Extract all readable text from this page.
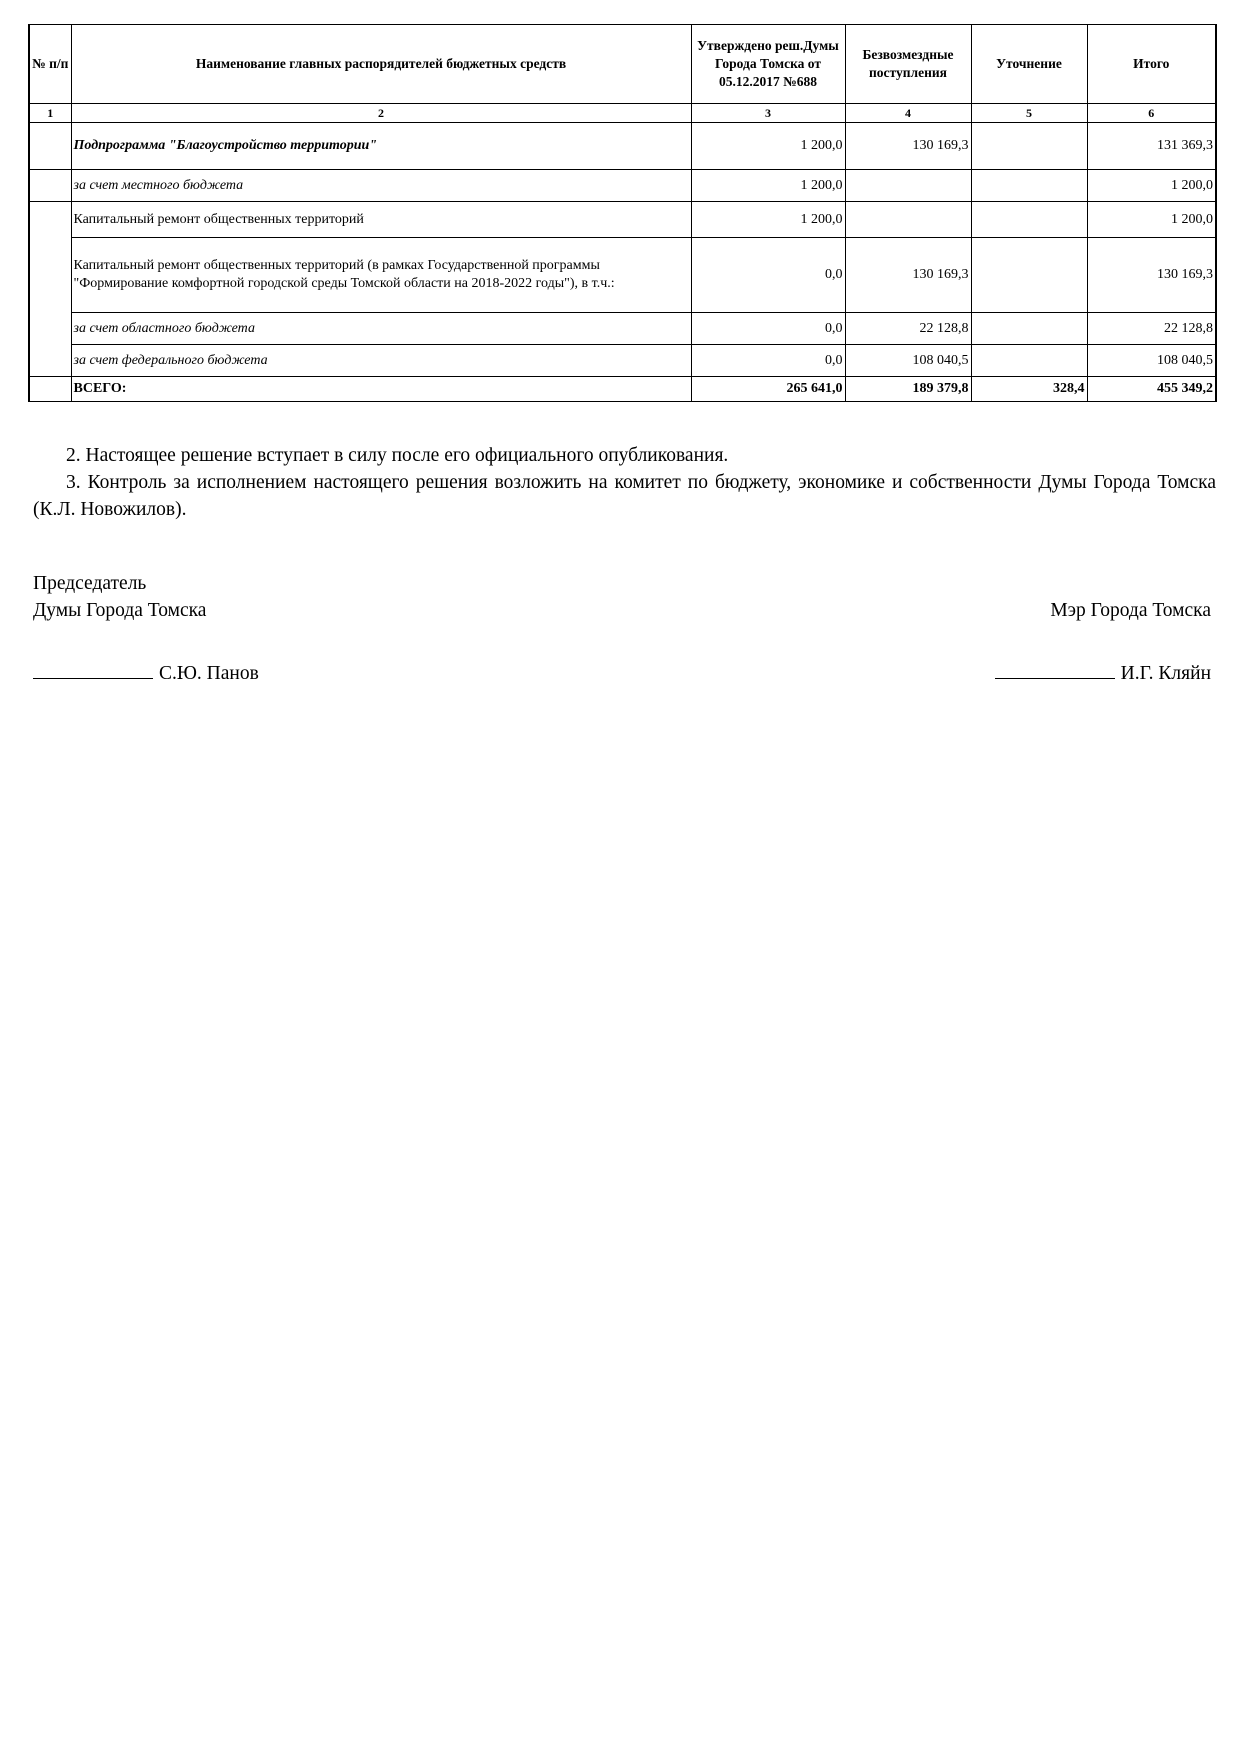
№ п/п	Наименование главных распорядителей бюджетных средств	Утверждено реш.Думы Города Томска от 05.12.2017 №688	Безвозмездные поступления	Уточнение	Итого
1	2	3	4	5	6
	Подпрограмма "Благоустройство территории"	1 200,0	130 169,3		131 369,3
	за счет местного бюджета	1 200,0			1 200,0
	Капитальный ремонт общественных территорий	1 200,0			1 200,0
	Капитальный ремонт общественных территорий (в рамках Государственной программы "Формирование комфортной городской среды Томской области на 2018-2022 годы"), в т.ч.:	0,0	130 169,3		130 169,3
	за счет областного бюджета	0,0	22 128,8		22 128,8
	за счет федерального бюджета	0,0	108 040,5		108 040,5
	ВСЕГО:	265 641,0	189 379,8	328,4	455 349,2
2. Настоящее решение вступает в силу после его официального опубликования.
3. Контроль за исполнением настоящего решения возложить на комитет по бюджету, экономике и собственности Думы Города Томска (К.Л. Новожилов).
Председатель
Думы Города Томска	Мэр Города Томска
С.Ю. Панов	И.Г. Кляйн
